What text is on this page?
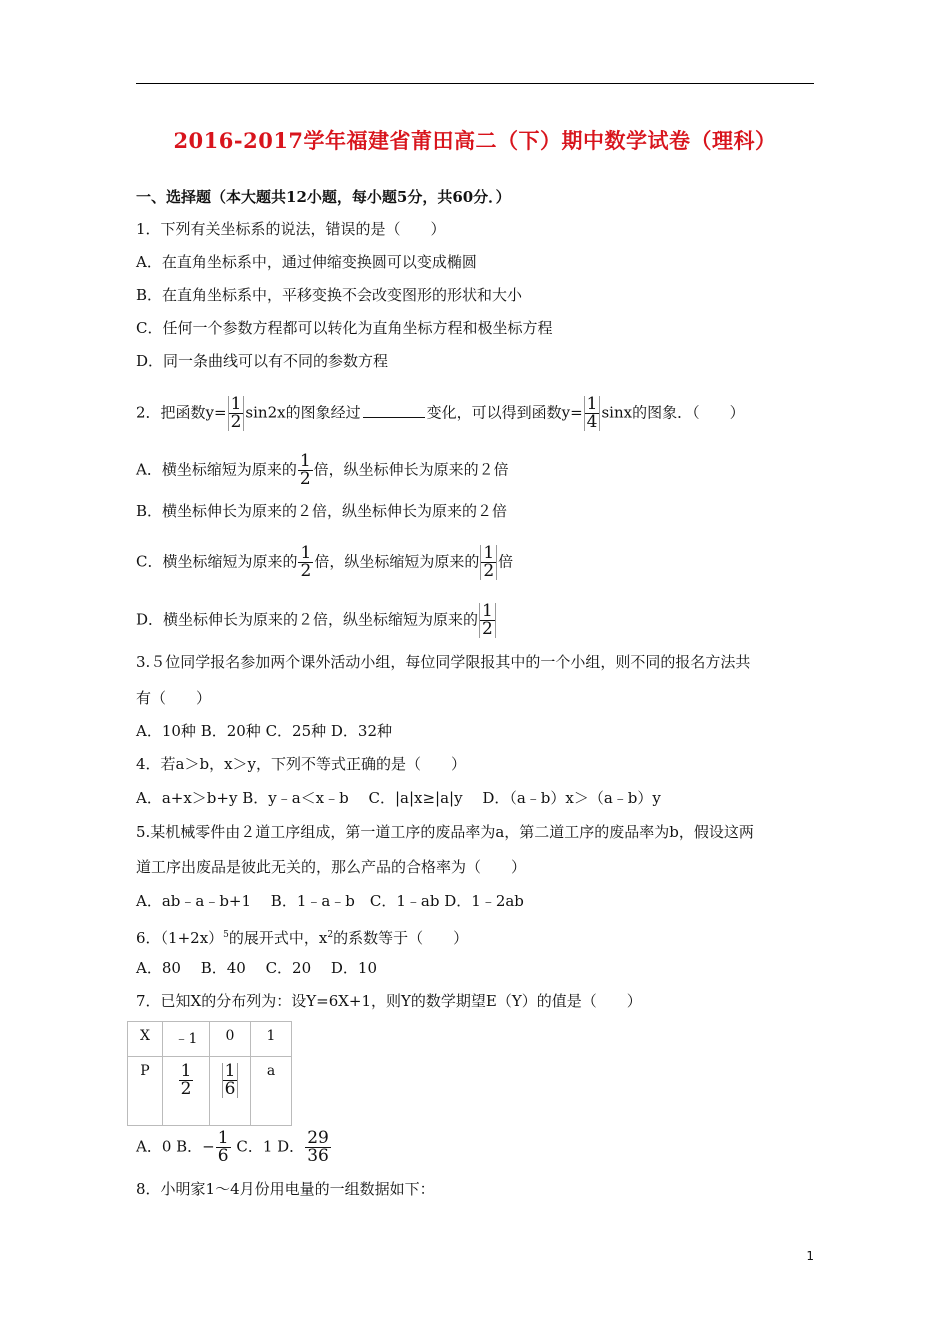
2016-2017学年福建省莆田高二（下）期中数学试卷（理科）
一、选择题（本大题共12小题，每小题5分，共60分．）
1．下列有关坐标系的说法，错误的是（　　）
A．在直角坐标系中，通过伸缩变换圆可以变成椭圆
B．在直角坐标系中，平移变换不会改变图形的形状和大小
C．任何一个参数方程都可以转化为直角坐标方程和极坐标方程
D．同一条曲线可以有不同的参数方程
2．把函数$y= \frac{1}{2} \sin 2x$的图象经过	变化，可以得到函数$y= \frac{1}{4}$ sinx的图象．（　　）
A．横坐标缩短为原来的 $\frac{1}{2}$ 倍，纵坐标伸长为原来的２倍
B．横坐标伸长为原来的２倍，纵坐标伸长为原来的２倍
C．横坐标缩短为原来的 $\frac{1}{2}$ 倍，纵坐标缩短为原来的 $\frac{1}{2}$ 倍
D．横坐标伸长为原来的２倍，纵坐标缩短为原来的 $\frac{1}{2}$
3.５位同学报名参加两个课外活动小组，每位同学限报其中的一个小组，则不同的报名方法共
有（　　）
A．10种 B．20种 C．25种 D．32种
4．若a＞b，x＞y，下列不等式正确的是（　　）
A．a+x＞b+y B．y﹣a＜x﹣b　 C．|a|x≥|a|y　 D．（a﹣b）x＞（a﹣b）y
5.某机械零件由２道工序组成，第一道工序的废品率为a，第二道工序的废品率为b，假设这两
道工序出废品是彼此无关的，那么产品的合格率为（　　）
A．ab﹣a﹣b+1　 B．1﹣a﹣b　C．1﹣ab D．1﹣2ab
6．$(1+2x)^5$的展开式中，$x^2$的系数等于（　　）
A．80　 B．40　 C．20　 D．10
7．已知X的分布列为：设Y=6X+1，则Y的数学期望E（Y）的值是（　　）
X	﹣1	0	1
P	$\frac{1}{2}$	$\frac{1}{6}$	a
A．0 B．− $\frac{1}{6}$ C．1 D． $\frac{29}{36}$
8．小明家1～4月份用电量的一组数据如下：
1
